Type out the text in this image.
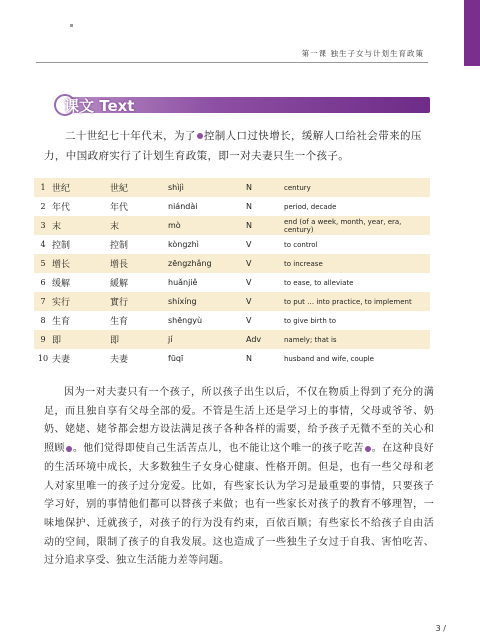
第一课 独生子女与计划生育政策
课文 Text

二十世纪七十年代末，为了 控制人口过快增长，缓解人口给社会带来的压力，中国政府实行了计划生育政策，即一对夫妻只生一个孩子。

1	世纪	世紀	shìjì	N	century
2	年代	年代	niándài	N	period, decade
3	末	末	mò	N	end (of a week, month, year, era, century)
4	控制	控制	kòngzhì	V	to control
5	增长	增長	zēngzhǎng	V	to increase
6	缓解	緩解	huǎnjiě	V	to ease, to alleviate
7	实行	實行	shíxíng	V	to put … into practice, to implement
8	生育	生育	shēngyù	V	to give birth to
9	即	即	jí	Adv	namely; that is
10	夫妻	夫妻	fūqī	N	husband and wife, couple

因为一对夫妻只有一个孩子，所以孩子出生以后，不仅在物质上得到了充分的满足，而且独自享有父母全部的爱。不管是生活上还是学习上的事情，父母或爷爷、奶奶、姥姥、姥爷都会想方设法满足孩子各种各样的需要，给予孩子无微不至的关心和照顾 。他们觉得即使自己生活苦点儿，也不能让这个唯一的孩子吃苦 。在这种良好的生活环境中成长，大多数独生子女身心健康、性格开朗。但是，也有一些父母和老人对家里唯一的孩子过分宠爱。比如，有些家长认为学习是最重要的事情，只要孩子学习好，别的事情他们都可以替孩子来做；也有一些家长对孩子的教育不够理智，一味地保护、迁就孩子，对孩子的行为没有约束，百依百顺；有些家长不给孩子自由活动的空间，限制了孩子的自我发展。这也造成了一些独生子女过于自我、害怕吃苦、过分追求享受、独立生活能力差等问题。

3 /
